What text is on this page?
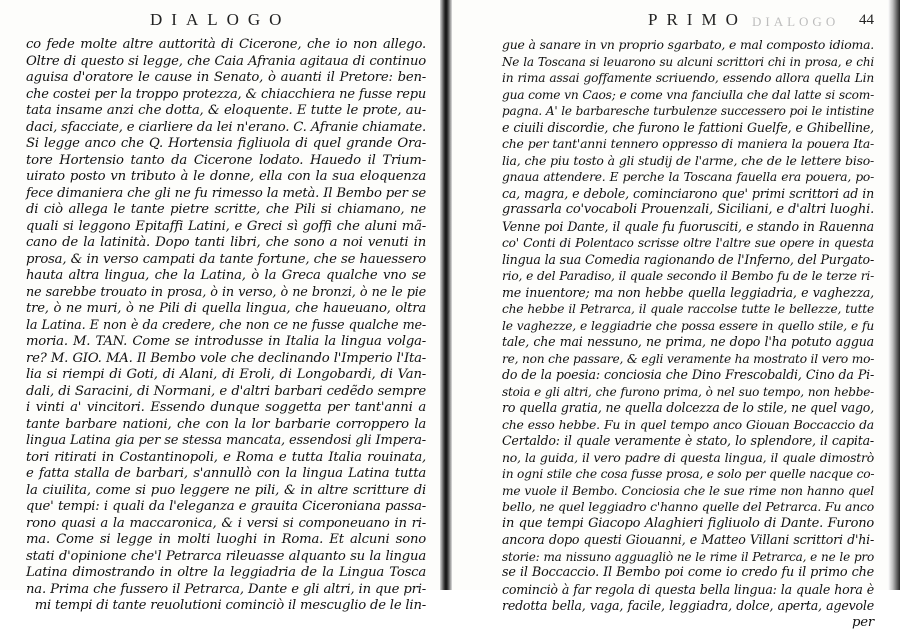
DIALOGO
co fede molte altre auttorità di Cicerone, che io non allego.
Oltre di questo si legge, che Caia Afrania agitaua di continuo
aguisa d'oratore le cause in Senato, ò auanti il Pretore: ben-
che costei per la troppo protezza, & chiacchiera ne fusse repu
tata insame anzi che dotta, & eloquente. E tutte le prote, au-
daci, sfacciate, e ciarliere da lei n'erano. C. Afranie chiamate.
Si legge anco che Q. Hortensia figliuola di quel grande Ora-
tore Hortensio tanto da Cicerone lodato. Hauedo il Trium-
uirato posto vn tributo à le donne, ella con la sua eloquenza
fece dimaniera che gli ne fu rimesso la metà. Il Bembo per se
di ciò allega le tante pietre scritte, che Pili si chiamano, ne
quali si leggono Epitaffi Latini, e Greci sì goffi che aluni mã-
cano de la latinità. Dopo tanti libri, che sono a noi venuti in
prosa, & in verso campati da tante fortune, che se hauessero
hauta altra lingua, che la Latina, ò la Greca qualche vno se
ne sarebbe trouato in prosa, ò in verso, ò ne bronzi, ò ne le pie
tre, ò ne muri, ò ne Pili di quella lingua, che haueuano, oltra
la Latina. E non è da credere, che non ce ne fusse qualche me-
moria. M. TAN. Come se introdusse in Italia la lingua volga-
re? M. GIO. MA. Il Bembo vole che declinando l'Imperio l'Ita-
lia si riempi di Goti, di Alani, di Eroli, di Longobardi, di Van-
dali, di Saracini, di Normani, e d'altri barbari cedẽdo sempre
i vinti a' vincitori. Essendo dunque soggetta per tant'anni a
tante barbare nationi, che con la lor barbarie corroppero la
lingua Latina gia per se stessa mancata, essendosi gli Impera-
tori ritirati in Costantinopoli, e Roma e tutta Italia rouinata,
e fatta stalla de barbari, s'annullò con la lingua Latina tutta
la ciuilita, come si puo leggere ne pili, & in altre scritture di
que' tempi: i quali da l'eleganza e grauita Ciceroniana passa-
rono quasi a la maccaronica, & i versi si componeuano in ri-
ma. Come si legge in molti luoghi in Roma. Et alcuni sono
stati d'opinione che'l Petrarca rileuasse alquanto su la lingua
Latina dimostrando in oltre la leggiadria de la Lingua Tosca
na. Prima che fussero il Petrarca, Dante e gli altri, in que pri-
mi tempi di tante reuolutioni cominciò il mescuglio de le lin-
DIALOGO
PRIMO	44
gue à sanare in vn proprio sgarbato, e mal composto idioma.
Ne la Toscana si leuarono su alcuni scrittori chi in prosa, e chi
in rima assai goffamente scriuendo, essendo allora quella Lin
gua come vn Caos; e come vna fanciulla che dal latte si scom-
pagna. A' le barbaresche turbulenze successero poi le intistine
e ciuili discordie, che furono le fattioni Guelfe, e Ghibelline,
che per tant'anni tennero oppresso di maniera la pouera Ita-
lia, che piu tosto à gli studij de l'arme, che de le lettere biso-
gnaua attendere. E perche la Toscana fauella era pouera, po-
ca, magra, e debole, cominciarono que' primi scrittori ad in
grassarla co'vocaboli Prouenzali, Siciliani, e d'altri luoghi.
Venne poi Dante, il quale fu fuorusciti, e stando in Rauenna
co' Conti di Polentaco scrisse oltre l'altre sue opere in questa
lingua la sua Comedia ragionando de l'Inferno, del Purgato-
rio, e del Paradiso, il quale secondo il Bembo fu de le terze ri-
me inuentore; ma non hebbe quella leggiadria, e vaghezza,
che hebbe il Petrarca, il quale raccolse tutte le bellezze, tutte
le vaghezze, e leggiadrie che possa essere in quello stile, e fu
tale, che mai nessuno, ne prima, ne dopo l'ha potuto aggua
re, non che passare, & egli veramente ha mostrato il vero mo-
do de la poesia: conciosia che Dino Frescobaldi, Cino da Pi-
stoia e gli altri, che furono prima, ò nel suo tempo, non hebbe-
ro quella gratia, ne quella dolcezza de lo stile, ne quel vago,
che esso hebbe. Fu in quel tempo anco Giouan Boccaccio da
Certaldo: il quale veramente è stato, lo splendore, il capita-
no, la guida, il vero padre di questa lingua, il quale dimostrò
in ogni stile che cosa fusse prosa, e solo per quelle nacque co-
me vuole il Bembo. Conciosia che le sue rime non hanno quel
bello, ne quel leggiadro c'hanno quelle del Petrarca. Fu anco
in que tempi Giacopo Alaghieri figliuolo di Dante. Furono
ancora dopo questi Giouanni, e Matteo Villani scrittori d'hi-
storie: ma nissuno agguagliò ne le rime il Petrarca, e ne le pro
se il Boccaccio. Il Bembo poi come io credo fu il primo che
cominciò à far regola di questa bella lingua: la quale hora è
redotta bella, vaga, facile, leggiadra, dolce, aperta, agevole
per
